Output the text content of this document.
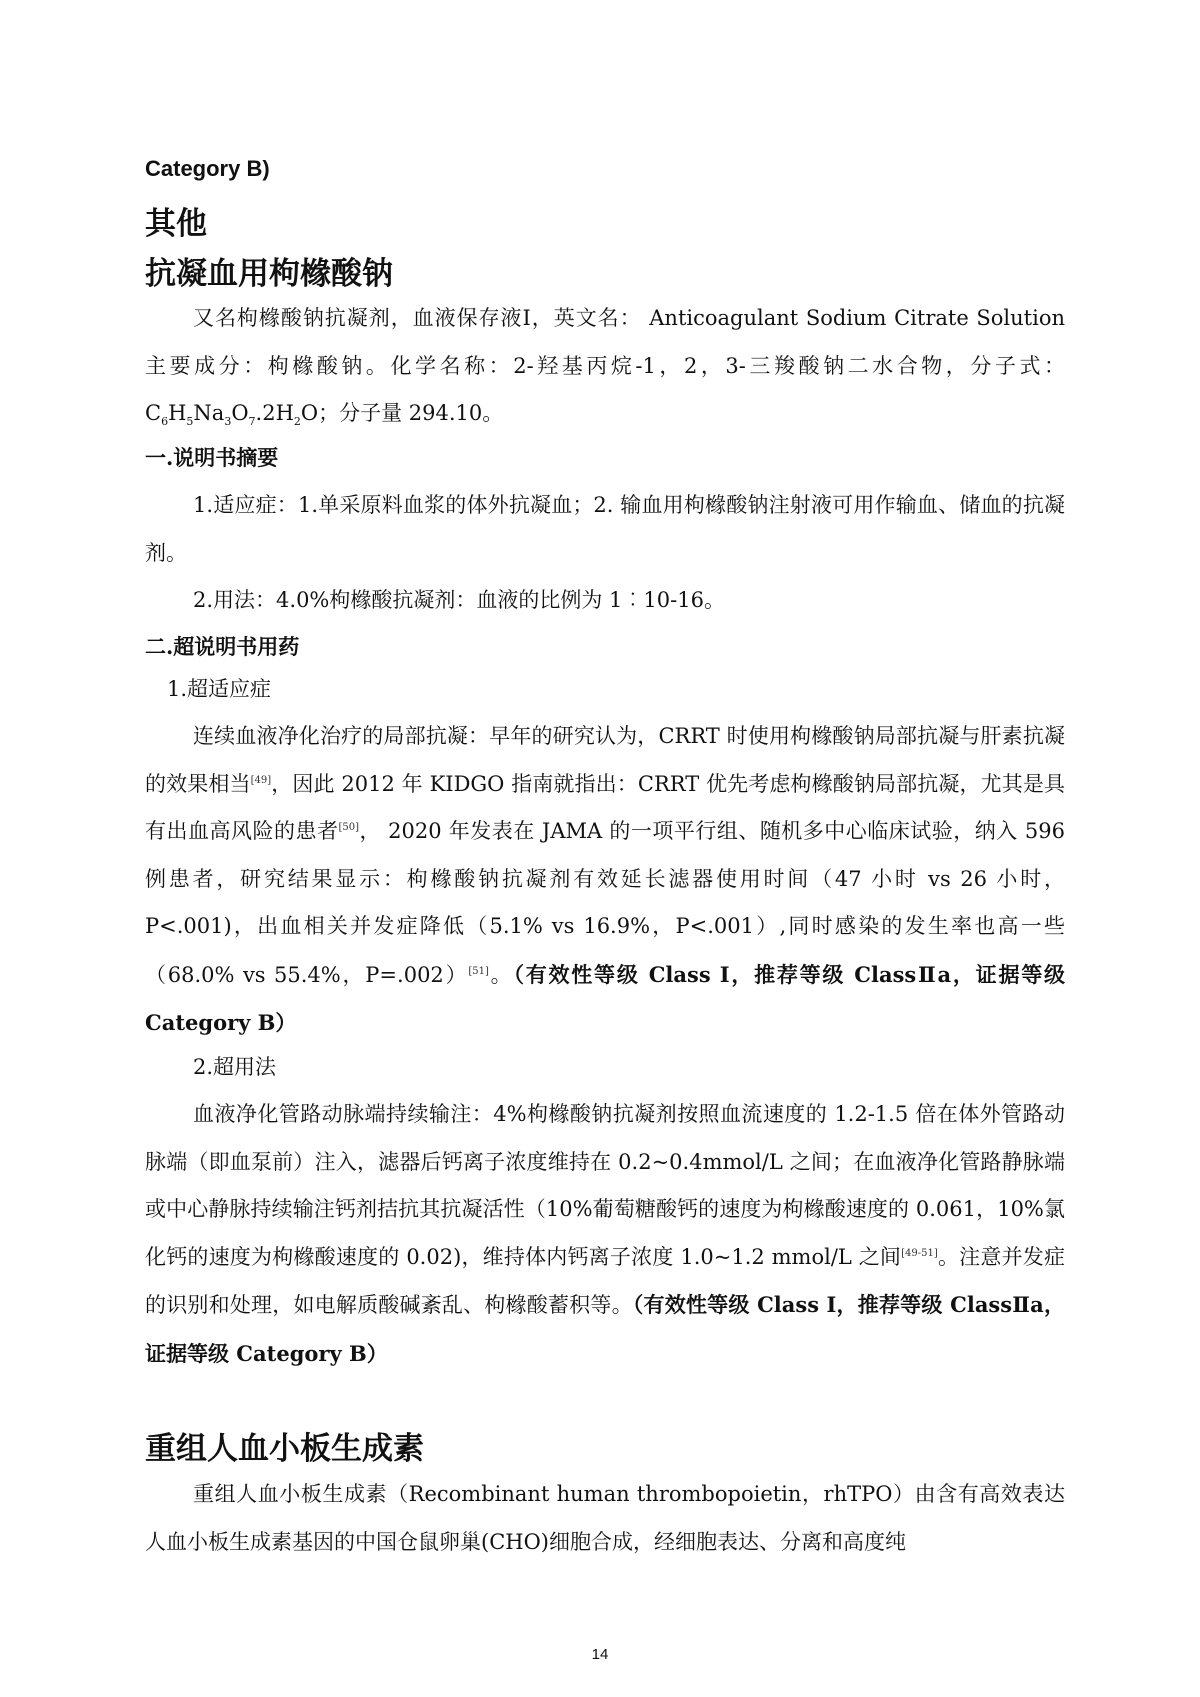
Category B)
其他
抗凝血用枸橼酸钠

又名枸橼酸钠抗凝剂，血液保存液Ⅰ，英文名： Anticoagulant Sodium Citrate Solution 主要成分：枸橼酸钠。化学名称：2-羟基丙烷-1，2，3-三羧酸钠二水合物，分子式：$C_6H_5Na_3O_7.2H_2O$；分子量 294.10。

一.说明书摘要

1.适应症：1.单采原料血浆的体外抗凝血；2. 输血用枸橼酸钠注射液可用作输血、储血的抗凝剂。

2.用法：4.0%枸橼酸抗凝剂：血液的比例为 1︰10-16。

二.超说明书用药

1.超适应症

连续血液净化治疗的局部抗凝：早年的研究认为，CRRT 时使用枸橼酸钠局部抗凝与肝素抗凝的效果相当[49]，因此 2012 年 KIDGO 指南就指出：CRRT 优先考虑枸橼酸钠局部抗凝，尤其是具有出血高风险的患者[50]， 2020 年发表在 JAMA 的一项平行组、随机多中心临床试验，纳入 596 例患者，研究结果显示：枸橼酸钠抗凝剂有效延长滤器使用时间（47 小时 vs 26 小时，P<.001)，出血相关并发症降低（5.1% vs 16.9%，P<.001）,同时感染的发生率也高一些（68.0% vs 55.4%，P=.002）[51]。（有效性等级 Class I，推荐等级 ClassⅡa，证据等级 Category B）

2.超用法

血液净化管路动脉端持续输注：4%枸橼酸钠抗凝剂按照血流速度的 1.2-1.5 倍在体外管路动脉端（即血泵前）注入，滤器后钙离子浓度维持在 0.2~0.4mmol/L 之间；在血液净化管路静脉端或中心静脉持续输注钙剂拮抗其抗凝活性（10%葡萄糖酸钙的速度为枸橼酸速度的 0.061，10%氯化钙的速度为枸橼酸速度的 0.02)，维持体内钙离子浓度 1.0~1.2 mmol/L 之间[49-51]。注意并发症的识别和处理，如电解质酸碱紊乱、枸橼酸蓄积等。（有效性等级 Class I，推荐等级 ClassⅡa，证据等级 Category B）

重组人血小板生成素

重组人血小板生成素（Recombinant human thrombopoietin，rhTPO）由含有高效表达人血小板生成素基因的中国仓鼠卵巢(CHO)细胞合成，经细胞表达、分离和高度纯

14
